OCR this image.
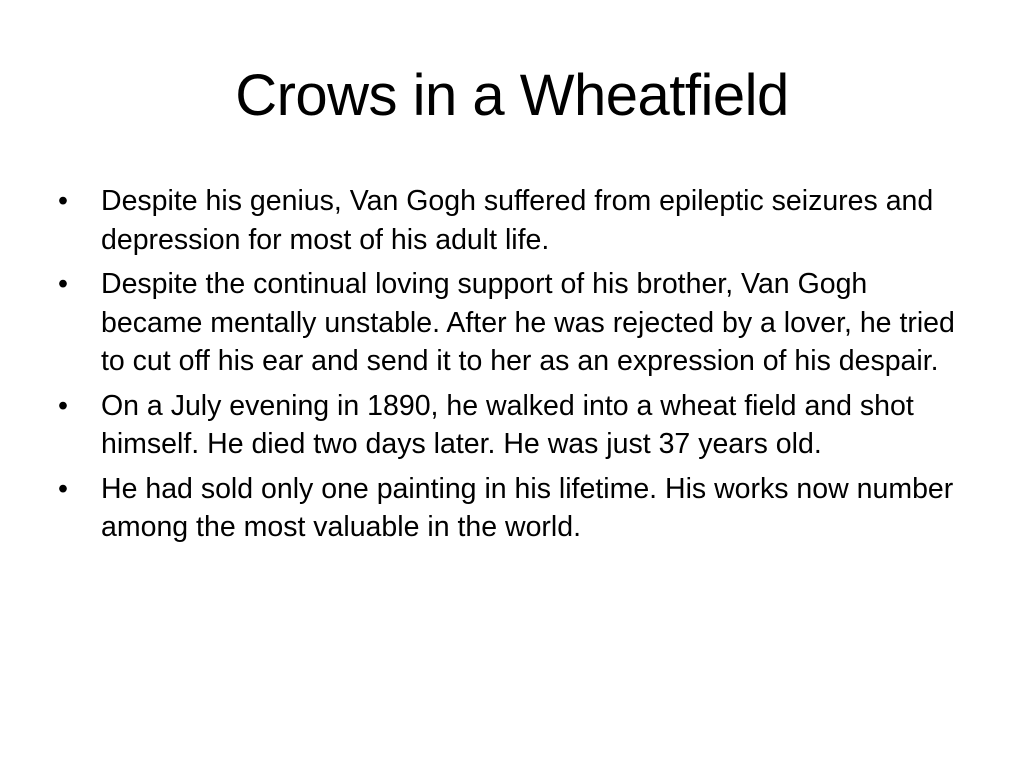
Crows in a Wheatfield
•	Despite his genius, Van Gogh suffered from epileptic seizures and depression for most of his adult life.
•	Despite the continual loving support of his brother, Van Gogh became mentally unstable. After he was rejected by a lover, he tried to cut off his ear and send it to her as an expression of his despair.
•	On a July evening in 1890, he walked into a wheat field and shot himself. He died two days later. He was just 37 years old.
•	He had sold only one painting in his lifetime. His works now number among the most valuable in the world.
